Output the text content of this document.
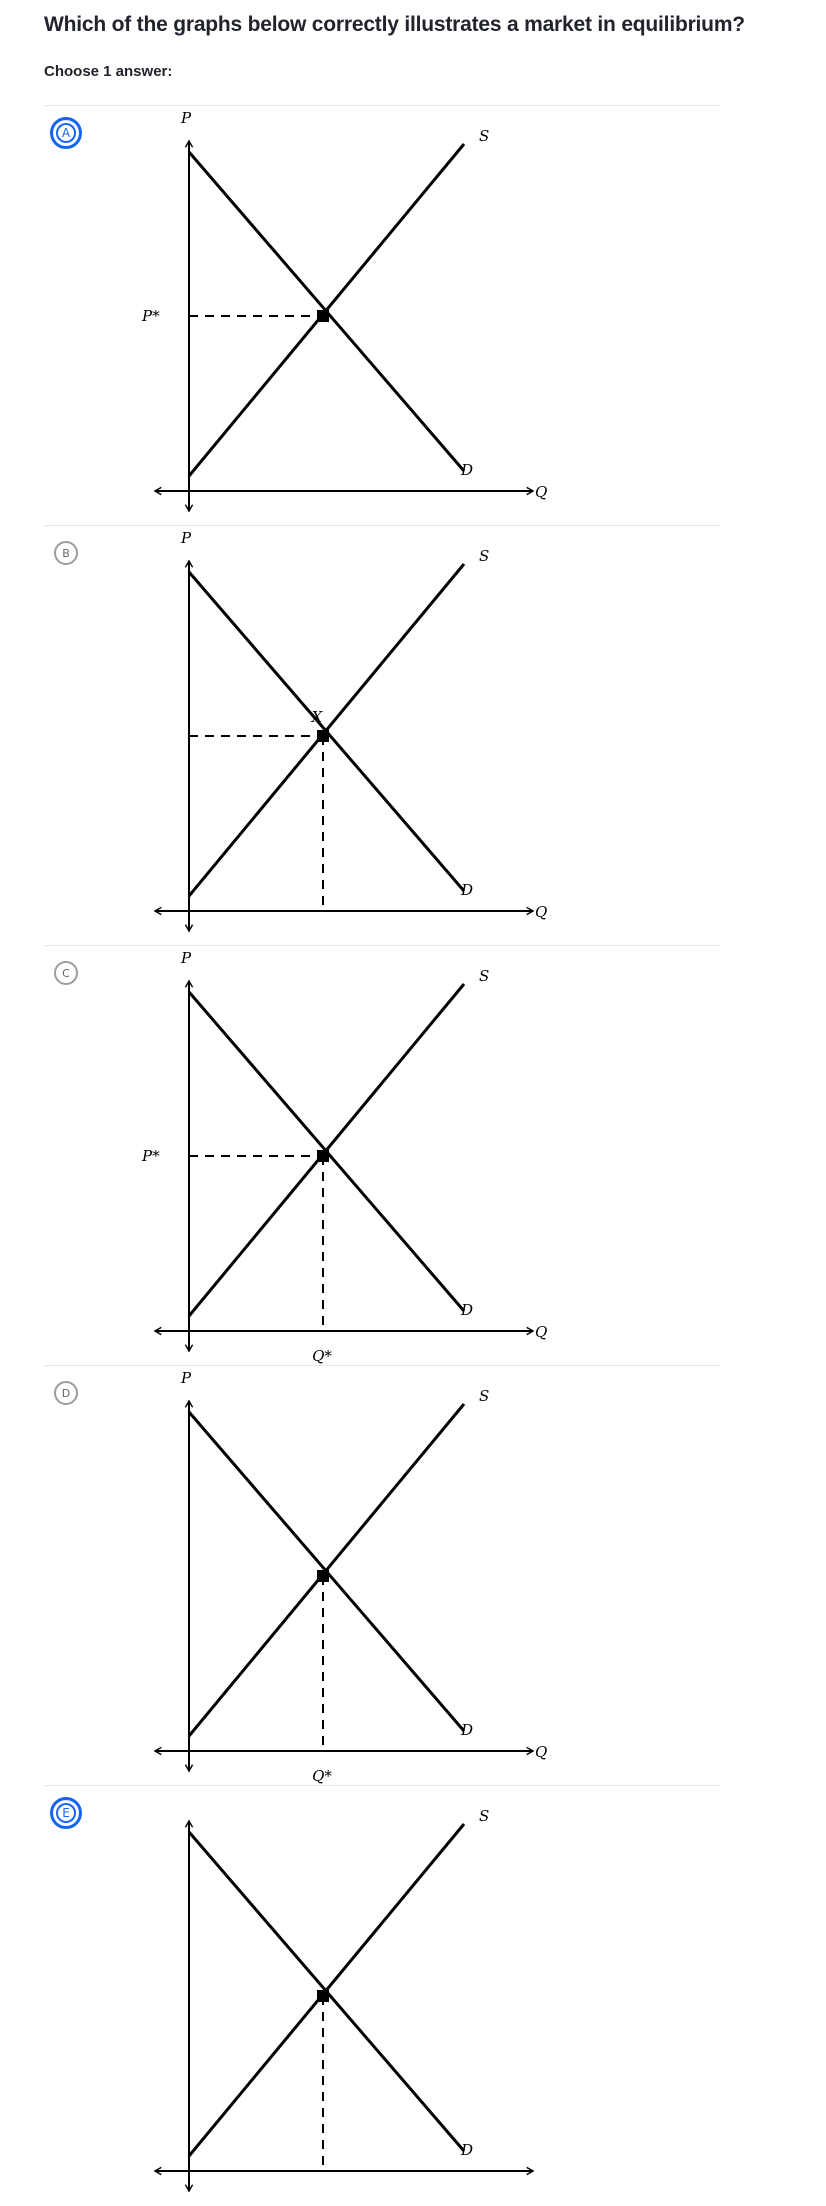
Which of the graphs below correctly illustrates a market in equilibrium?
Choose 1 answer:
A
P
Q
S
D
P*
B
P
Q
S
D
X
C
P
Q
S
D
P*
Q*
D
P
Q
S
D
Q*
E	S
D
